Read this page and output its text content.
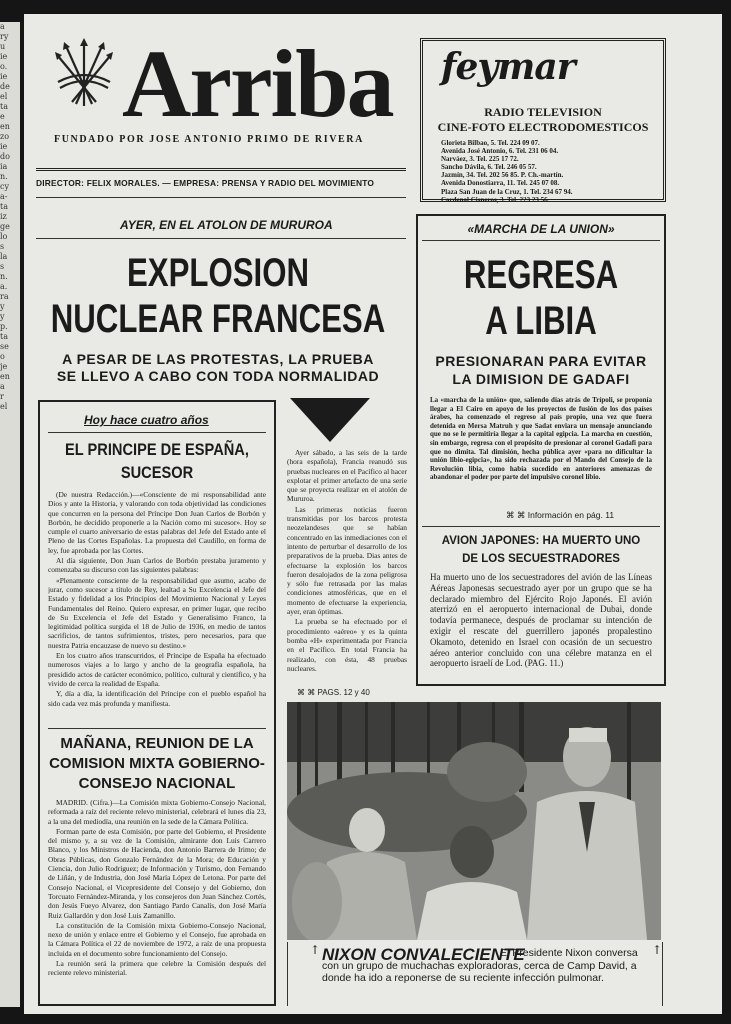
a
ry
u
ie
o.
ie
de
el
ta
e
en
zo
ie
do
ia
n.
cy
a-
ta
iz
ge
lo
s
la
s
n.
a.
ra
y
y
p.
ta
se
o
je
en
a
r
el
Arriba
FUNDADO POR JOSE ANTONIO PRIMO DE RIVERA
DIRECTOR: FELIX MORALES. — EMPRESA: PRENSA Y RADIO DEL MOVIMIENTO
feymar
RADIO TELEVISION
CINE-FOTO ELECTRODOMESTICOS
Glorieta Bilbao, 5. Tel. 224 09 07.
Avenida José Antonio, 6. Tel. 231 06 04.
Narváez, 3. Tel. 225 17 72.
Sancho Dávila, 6. Tel. 246 05 57.
Jazmín, 34. Tel. 202 56 85. P. Ch.-martín.
Avenida Donostiarra, 11. Tel. 245 07 08.
Plaza San Juan de la Cruz, 1. Tel. 234 67 94.
Cardenal Cisneros, 3. Tel. 223 23 56.
AYER, EN EL ATOLON DE MURUROA
EXPLOSION
NUCLEAR FRANCESA
A PESAR DE LAS PROTESTAS, LA PRUEBA
SE LLEVO A CABO CON TODA NORMALIDAD

Ayer sábado, a las seis de la tarde (hora española), Francia reanudó sus pruebas nucleares en el Pacífico al hacer explotar el primer artefacto de una serie que se proyecta realizar en el atolón de Mururoa.

Las primeras noticias fueron transmitidas por los barcos protesta neozelandeses que se habían concentrado en las inmediaciones con el intento de perturbar el desarrollo de los preparativos de la prueba. Dias antes de efectuarse la explosión los barcos fueron desalojados de la zona peligrosa y sólo fue retrasada por las malas condiciones atmosféricas, que en el momento de efectuarse la experiencia, ayer, eran óptimas.

La prueba se ha efectuado por el procedimiento «aéreo» y es la quinta bomba «H» experimentada por Francia en el Pacífico. En total Francia ha realizado, con ésta, 48 pruebas nucleares.

⌘ ⌘ PAGS. 12 y 40
Hoy hace cuatro años
EL PRINCIPE DE ESPAÑA,
SUCESOR

(De nuestra Redacción.)—«Consciente de mi responsabilidad ante Dios y ante la Historia, y valorando con toda objetividad las condiciones que concurren en la persona del Príncipe Don Juan Carlos de Borbón y Borbón, he decidido proponerle a la Nación como mi sucesor». Hoy se cumple el cuarto aniversario de estas palabras del Jefe del Estado ante el Pleno de las Cortes Españolas. La propuesta del Caudillo, en forma de ley, fue aprobada por las Cortes.

Al día siguiente, Don Juan Carlos de Borbón prestaba juramento y comenzaba su discurso con las siguientes palabras:

«Plenamente consciente de la responsabilidad que asumo, acabo de jurar, como sucesor a título de Rey, lealtad a Su Excelencia el Jefe del Estado y fidelidad a los Principios del Movimiento Nacional y Leyes Fundamentales del Reino. Quiero expresar, en primer lugar, que recibo de Su Excelencia el Jefe del Estado y Generalísimo Franco, la legitimidad política surgida el 18 de Julio de 1936, en medio de tantos sacrificios, de tantos sufrimientos, tristes, pero necesarios, para que nuestra Patria encauzase de nuevo su destino.»

En los cuatro años transcurridos, el Príncipe de España ha efectuado numerosos viajes a lo largo y ancho de la geografía española, ha presidido actos de carácter económico, político, cultural y científico, y ha vivido de cerca la realidad de España.

Y, día a día, la identificación del Príncipe con el pueblo español ha sido cada vez más profunda y manifiesta.

MAÑANA, REUNION DE LA
COMISION MIXTA GOBIERNO-
CONSEJO NACIONAL

MADRID. (Cifra.)—La Comisión mixta Gobierno-Consejo Nacional, reformada a raíz del reciente relevo ministerial, celebrará el lunes día 23, a la una del mediodía, una reunión en la sede de la Cámara Política.

Forman parte de esta Comisión, por parte del Gobierno, el Presidente del mismo y, a su vez de la Comisión, almirante don Luis Carrero Blanco, y los Ministros de Hacienda, don Antonio Barrera de Irimo; de Obras Públicas, don Gonzalo Fernández de la Mora; de Educación y Ciencia, don Julio Rodríguez; de Información y Turismo, don Fernando de Liñán, y de Industria, don José María López de Letona. Por parte del Consejo Nacional, el Vicepresidente del Consejo y del Gobierno, don Torcuato Fernández-Miranda, y los consejeros don Juan Sánchez Cortés, don Jesús Fueyo Alvarez, don Santiago Pardo Canalís, don José María Ruiz Gallardón y don José Luis Zamanillo.

La constitución de la Comisión mixta Gobierno-Consejo Nacional, nexo de unión y enlace entre el Gobierno y el Consejo, fue aprobada en la Cámara Política el 22 de noviembre de 1972, a raíz de una propuesta incluida en el documento sobre funcionamiento del Consejo.

La reunión será la primera que celebre la Comisión después del reciente relevo ministerial.

«MARCHA DE LA UNION»
REGRESA
A LIBIA
PRESIONARAN PARA EVITAR
LA DIMISION DE GADAFI
La «marcha de la unión» que, saliendo días atrás de Trípoli, se proponía llegar a El Cairo en apoyo de los proyectos de fusión de los dos países árabes, ha comenzado el regreso al país propio, una vez que fuera detenida en Mersa Matruh y que Sadat enviara un mensaje anunciando que no se le permitiría llegar a la capital egipcia. La marcha en cuestión, sin embargo, regresa con el propósito de presionar al coronel Gadafi para que no dimita. Tal dimisión, hecha pública ayer «para no dificultar la unión libio-egipcia», ha sido rechazada por el Mando del Consejo de la Revolución libia, como había sucedido en anteriores amenazas de abandonar el poder por parte del impulsivo coronel libio.
⌘ ⌘ Información en pág. 11
AVION JAPONES: HA MUERTO UNO
DE LOS SECUESTRADORES
Ha muerto uno de los secuestradores del avión de las Líneas Aéreas Japonesas secuestrado ayer por un grupo que se ha declarado miembro del Ejército Rojo Japonés. El avión aterrizó en el aeropuerto internacional de Dubai, donde todavía permanece, después de proclamar su intención de exigir el rescate del guerrillero japonés propalestino Okamoto, detenido en Israel con ocasión de un secuestro aéreo anterior concluido con una célebre matanza en el aeropuerto israelí de Lod. (PAG. 11.)
↑	↑
NIXON CONVALECIENTE
El Presidente Nixon conversa con un grupo de muchachas exploradoras, cerca de Camp David, a donde ha ido a reponerse de su reciente infección pulmonar.
